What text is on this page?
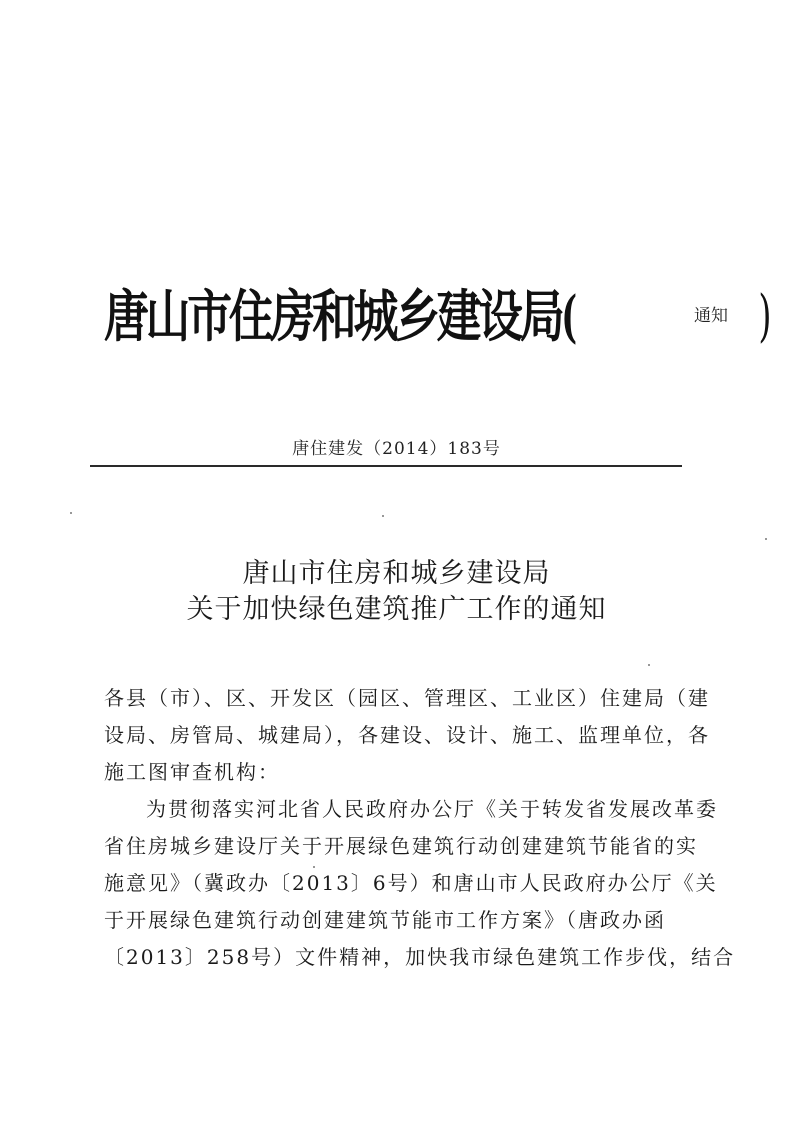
唐山市住房和城乡建设局 (	通知 )
唐住建发（2014）183号
唐山市住房和城乡建设局
关于加快绿色建筑推广工作的通知
各县（市）、区、开发区（园区、管理区、工业区）住建局（建
设局、房管局、城建局），各建设、设计、施工、监理单位，各
施工图审查机构：
为贯彻落实河北省人民政府办公厅《关于转发省发展改革委
省住房城乡建设厅关于开展绿色建筑行动创建建筑节能省的实
施意见》（冀政办〔2013〕6号）和唐山市人民政府办公厅《关
于开展绿色建筑行动创建建筑节能市工作方案》（唐政办函
〔2013〕258号）文件精神，加快我市绿色建筑工作步伐，结合
